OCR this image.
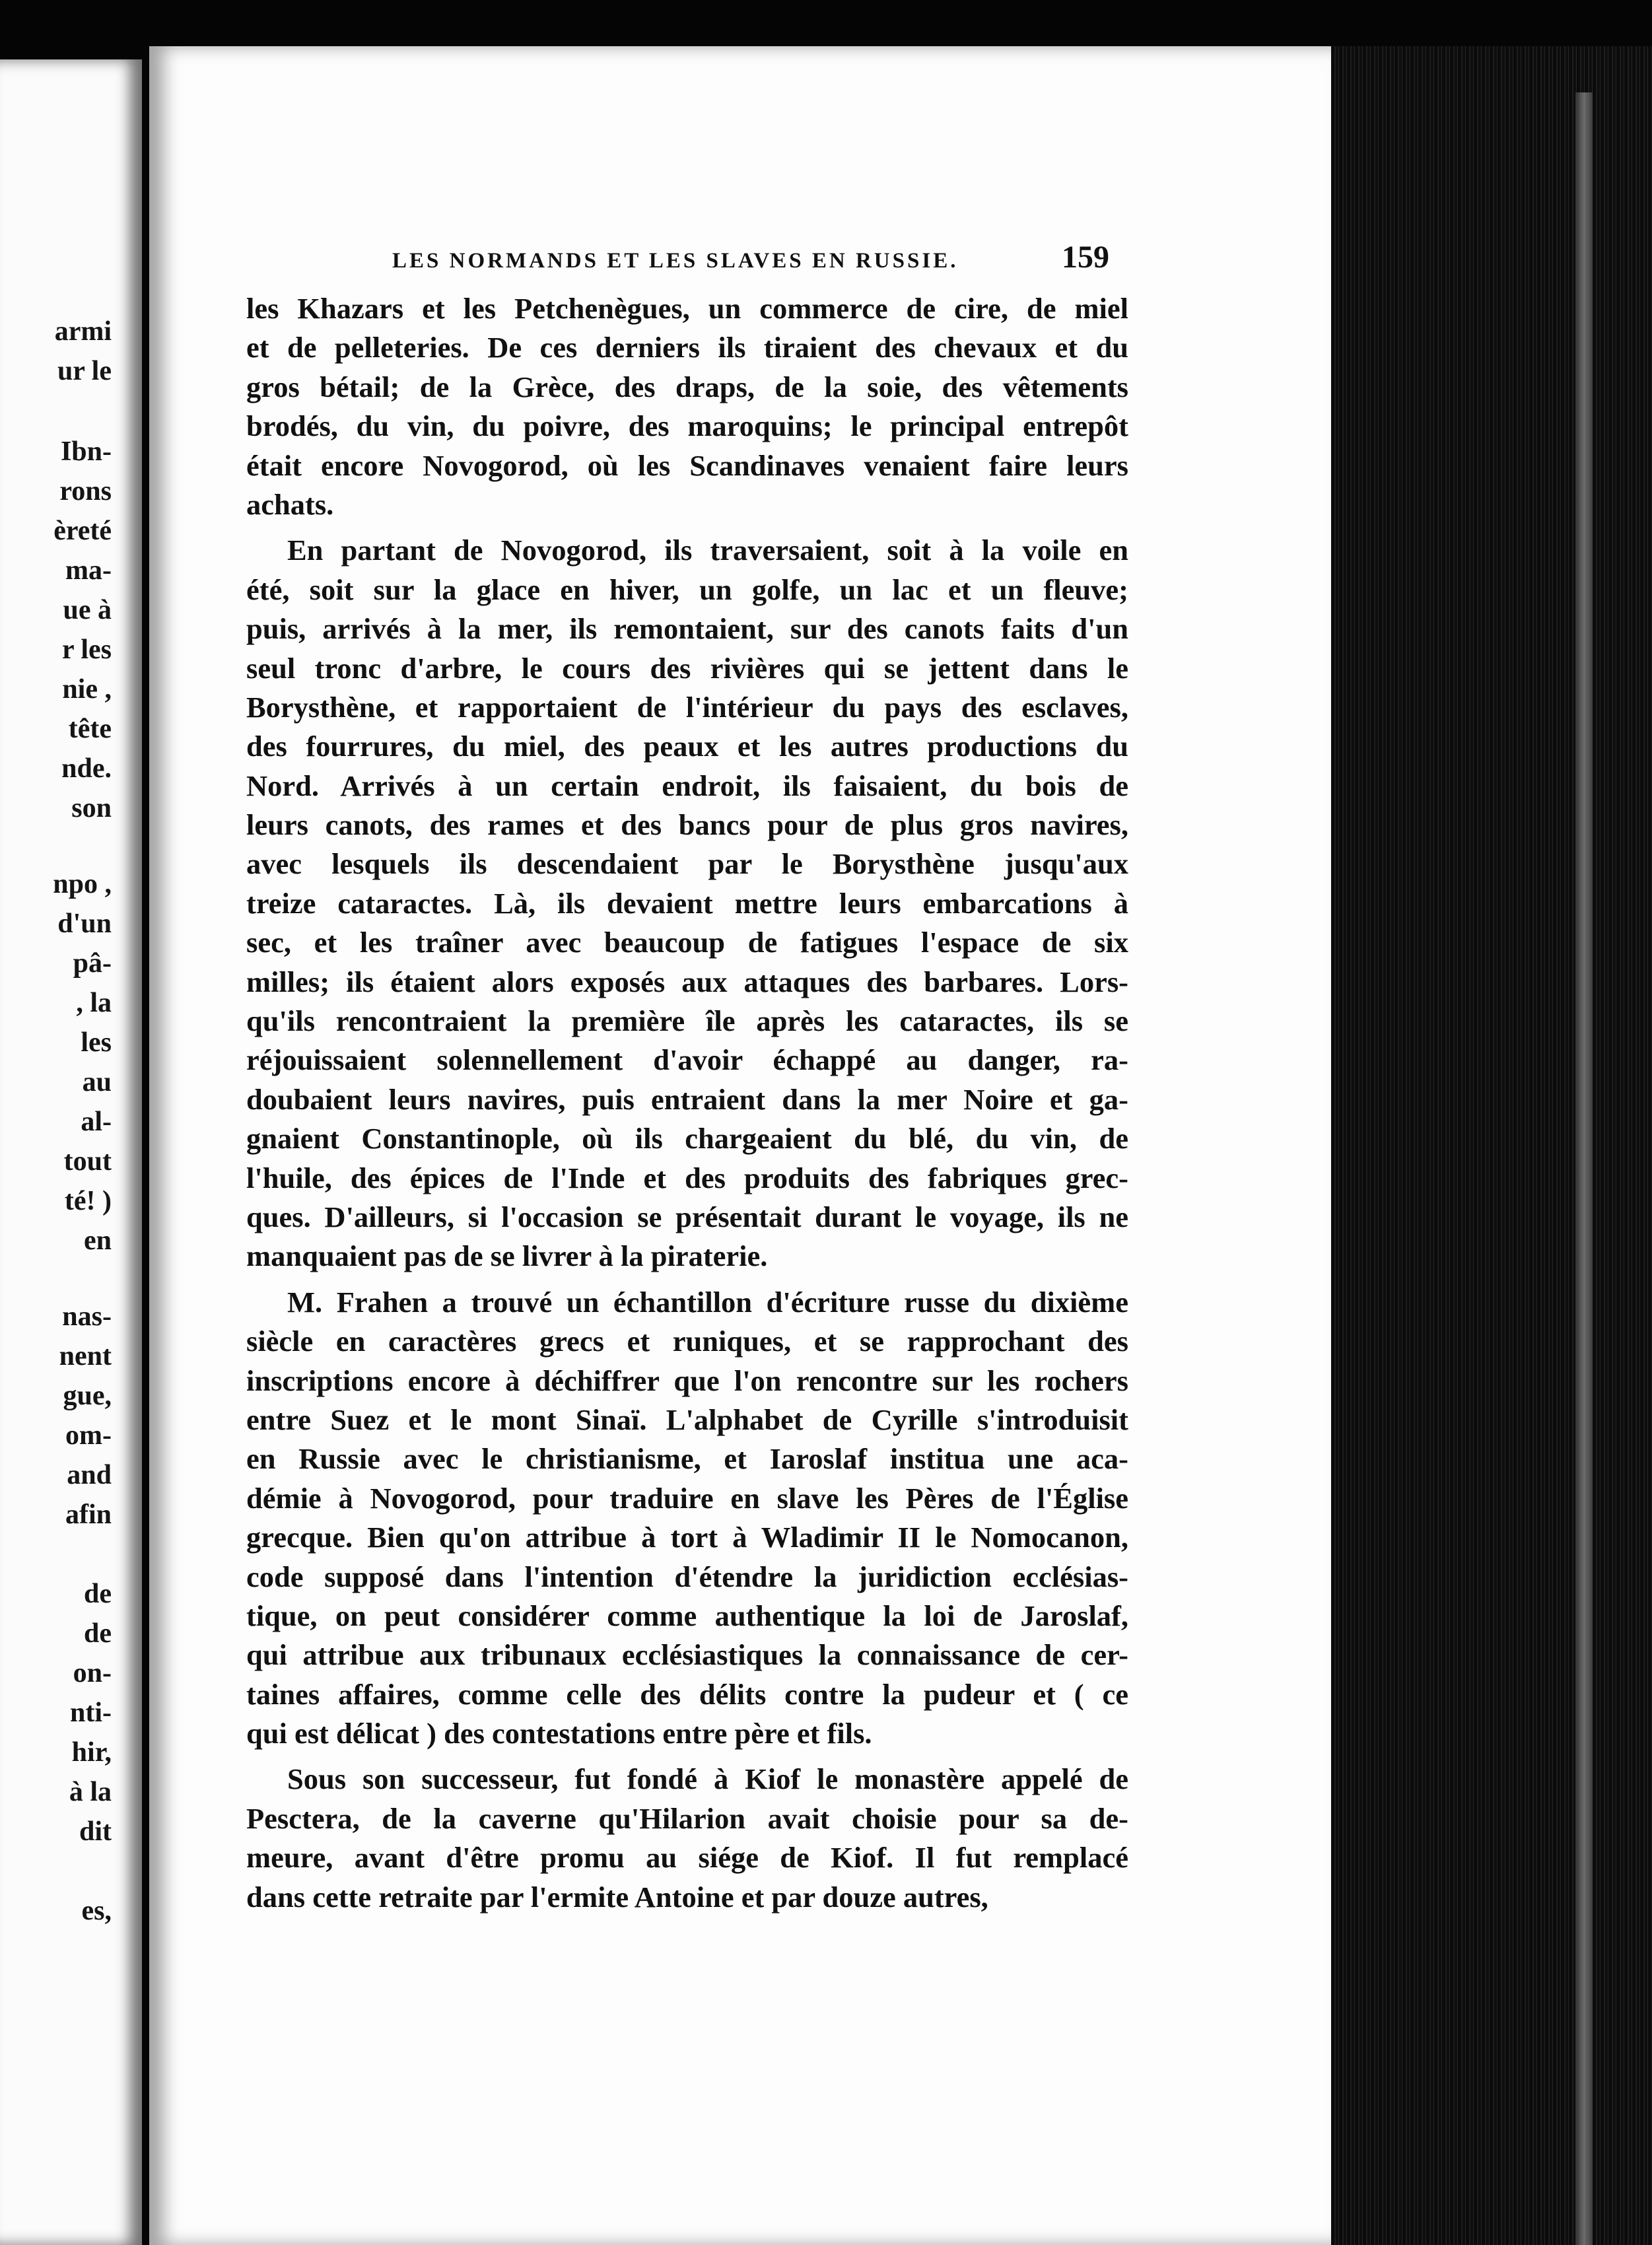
armi
ur le
Ibn-
rons
èreté
ma-
ue à
r les
nie ,
tête
nde.
son
npo ,
d'un
pâ-
, la
les
au
al-
tout
té! )
en
nas-
nent
gue,
om-
and
afin
de
de
on-
nti-
hir,
à la
dit
es,
LES NORMANDS ET LES SLAVES EN RUSSIE.	159
les Khazars et les Petchenègues, un commerce de cire, de miel
et de pelleteries. De ces derniers ils tiraient des chevaux et du
gros bétail; de la Grèce, des draps, de la soie, des vêtements
brodés, du vin, du poivre, des maroquins; le principal entrepôt
était encore Novogorod, où les Scandinaves venaient faire leurs
achats.
En partant de Novogorod, ils traversaient, soit à la voile en
été, soit sur la glace en hiver, un golfe, un lac et un fleuve;
puis, arrivés à la mer, ils remontaient, sur des canots faits d'un
seul tronc d'arbre, le cours des rivières qui se jettent dans le
Borysthène, et rapportaient de l'intérieur du pays des esclaves,
des fourrures, du miel, des peaux et les autres productions du
Nord. Arrivés à un certain endroit, ils faisaient, du bois de
leurs canots, des rames et des bancs pour de plus gros navires,
avec lesquels ils descendaient par le Borysthène jusqu'aux
treize cataractes. Là, ils devaient mettre leurs embarcations à
sec, et les traîner avec beaucoup de fatigues l'espace de six
milles; ils étaient alors exposés aux attaques des barbares. Lors-
qu'ils rencontraient la première île après les cataractes, ils se
réjouissaient solennellement d'avoir échappé au danger, ra-
doubaient leurs navires, puis entraient dans la mer Noire et ga-
gnaient Constantinople, où ils chargeaient du blé, du vin, de
l'huile, des épices de l'Inde et des produits des fabriques grec-
ques. D'ailleurs, si l'occasion se présentait durant le voyage, ils ne
manquaient pas de se livrer à la piraterie.
M. Frahen a trouvé un échantillon d'écriture russe du dixième
siècle en caractères grecs et runiques, et se rapprochant des
inscriptions encore à déchiffrer que l'on rencontre sur les rochers
entre Suez et le mont Sinaï. L'alphabet de Cyrille s'introduisit
en Russie avec le christianisme, et Iaroslaf institua une aca-
démie à Novogorod, pour traduire en slave les Pères de l'Église
grecque. Bien qu'on attribue à tort à Wladimir II le Nomocanon,
code supposé dans l'intention d'étendre la juridiction ecclésias-
tique, on peut considérer comme authentique la loi de Jaroslaf,
qui attribue aux tribunaux ecclésiastiques la connaissance de cer-
taines affaires, comme celle des délits contre la pudeur et ( ce
qui est délicat ) des contestations entre père et fils.
Sous son successeur, fut fondé à Kiof le monastère appelé de
Pesctera, de la caverne qu'Hilarion avait choisie pour sa de-
meure, avant d'être promu au siége de Kiof. Il fut remplacé
dans cette retraite par l'ermite Antoine et par douze autres,
